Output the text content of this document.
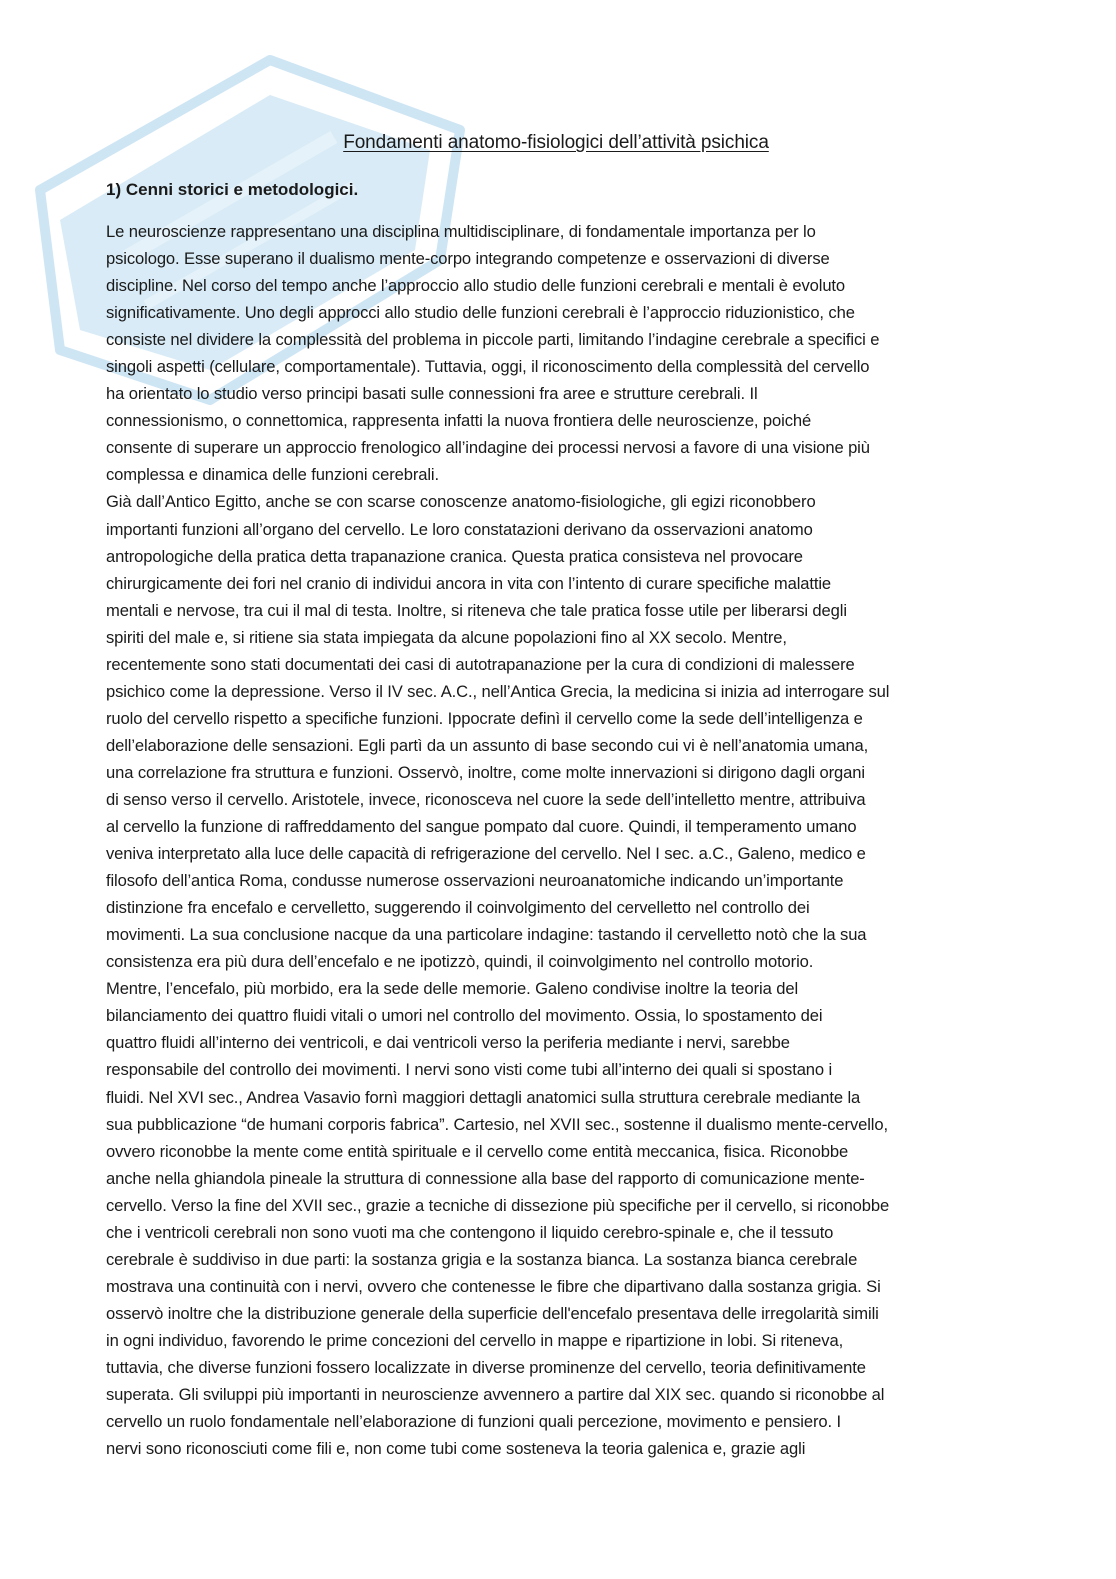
Fondamenti anatomo-fisiologici dell’attività psichica
1) Cenni storici e metodologici.
Le neuroscienze rappresentano una disciplina multidisciplinare, di fondamentale importanza per lo
psicologo. Esse superano il dualismo mente-corpo integrando competenze e osservazioni di diverse
discipline. Nel corso del tempo anche l’approccio allo studio delle funzioni cerebrali e mentali è evoluto
significativamente. Uno degli approcci allo studio delle funzioni cerebrali è l’approccio riduzionistico, che
consiste nel dividere la complessità del problema in piccole parti, limitando l’indagine cerebrale a specifici e
singoli aspetti (cellulare, comportamentale). Tuttavia, oggi, il riconoscimento della complessità del cervello
ha orientato lo studio verso principi basati sulle connessioni fra aree e strutture cerebrali. Il
connessionismo, o connettomica, rappresenta infatti la nuova frontiera delle neuroscienze, poiché
consente di superare un approccio frenologico all’indagine dei processi nervosi a favore di una visione più
complessa e dinamica delle funzioni cerebrali.
Già dall’Antico Egitto, anche se con scarse conoscenze anatomo-fisiologiche, gli egizi riconobbero
importanti funzioni all’organo del cervello. Le loro constatazioni derivano da osservazioni anatomo
antropologiche della pratica detta trapanazione cranica. Questa pratica consisteva nel provocare
chirurgicamente dei fori nel cranio di individui ancora in vita con l’intento di curare specifiche malattie
mentali e nervose, tra cui il mal di testa. Inoltre, si riteneva che tale pratica fosse utile per liberarsi degli
spiriti del male e, si ritiene sia stata impiegata da alcune popolazioni fino al XX secolo. Mentre,
recentemente sono stati documentati dei casi di autotrapanazione per la cura di condizioni di malessere
psichico come la depressione. Verso il IV sec. A.C., nell’Antica Grecia, la medicina si inizia ad interrogare sul
ruolo del cervello rispetto a specifiche funzioni. Ippocrate definì il cervello come la sede dell’intelligenza e
dell’elaborazione delle sensazioni. Egli partì da un assunto di base secondo cui vi è nell’anatomia umana,
una correlazione fra struttura e funzioni. Osservò, inoltre, come molte innervazioni si dirigono dagli organi
di senso verso il cervello. Aristotele, invece, riconosceva nel cuore la sede dell’intelletto mentre, attribuiva
al cervello la funzione di raffreddamento del sangue pompato dal cuore. Quindi, il temperamento umano
veniva interpretato alla luce delle capacità di refrigerazione del cervello. Nel I sec. a.C., Galeno, medico e
filosofo dell’antica Roma, condusse numerose osservazioni neuroanatomiche indicando un’importante
distinzione fra encefalo e cervelletto, suggerendo il coinvolgimento del cervelletto nel controllo dei
movimenti. La sua conclusione nacque da una particolare indagine: tastando il cervelletto notò che la sua
consistenza era più dura dell’encefalo e ne ipotizzò, quindi, il coinvolgimento nel controllo motorio.
Mentre, l’encefalo, più morbido, era la sede delle memorie. Galeno condivise inoltre la teoria del
bilanciamento dei quattro fluidi vitali o umori nel controllo del movimento. Ossia, lo spostamento dei
quattro fluidi all’interno dei ventricoli, e dai ventricoli verso la periferia mediante i nervi, sarebbe
responsabile del controllo dei movimenti. I nervi sono visti come tubi all’interno dei quali si spostano i
fluidi. Nel XVI sec., Andrea Vasavio fornì maggiori dettagli anatomici sulla struttura cerebrale mediante la
sua pubblicazione “de humani corporis fabrica”. Cartesio, nel XVII sec., sostenne il dualismo mente-cervello,
ovvero riconobbe la mente come entità spirituale e il cervello come entità meccanica, fisica. Riconobbe
anche nella ghiandola pineale la struttura di connessione alla base del rapporto di comunicazione mente-
cervello. Verso la fine del XVII sec., grazie a tecniche di dissezione più specifiche per il cervello, si riconobbe
che i ventricoli cerebrali non sono vuoti ma che contengono il liquido cerebro-spinale e, che il tessuto
cerebrale è suddiviso in due parti: la sostanza grigia e la sostanza bianca. La sostanza bianca cerebrale
mostrava una continuità con i nervi, ovvero che contenesse le fibre che dipartivano dalla sostanza grigia. Si
osservò inoltre che la distribuzione generale della superficie dell'encefalo presentava delle irregolarità simili
in ogni individuo, favorendo le prime concezioni del cervello in mappe e ripartizione in lobi. Si riteneva,
tuttavia, che diverse funzioni fossero localizzate in diverse prominenze del cervello, teoria definitivamente
superata. Gli sviluppi più importanti in neuroscienze avvennero a partire dal XIX sec. quando si riconobbe al
cervello un ruolo fondamentale nell’elaborazione di funzioni quali percezione, movimento e pensiero. I
nervi sono riconosciuti come fili e, non come tubi come sosteneva la teoria galenica e, grazie agli
